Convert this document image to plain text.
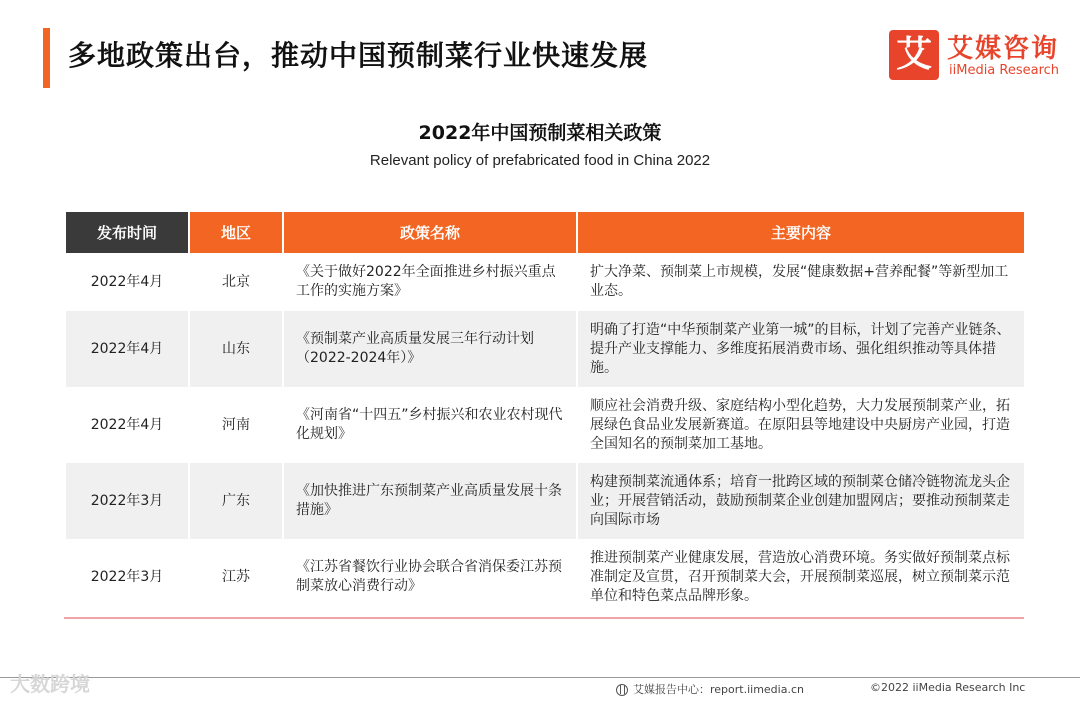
多地政策出台，推动中国预制菜行业快速发展	艾 艾媒咨询
iiMedia Research
2022年中国预制菜相关政策
Relevant policy of prefabricated food in China 2022
发布时间	地区	政策名称	主要内容
2022年4月	北京	《关于做好2022年全面推进乡村振兴重点工作的实施方案》	扩大净菜、预制菜上市规模，发展“健康数据+营养配餐”等新型加工业态。
2022年4月	山东	《预制菜产业高质量发展三年行动计划（2022-2024年）》	明确了打造“中华预制菜产业第一城”的目标，计划了完善产业链条、提升产业支撑能力、多维度拓展消费市场、强化组织推动等具体措施。
2022年4月	河南	《河南省“十四五”乡村振兴和农业农村现代化规划》	顺应社会消费升级、家庭结构小型化趋势，大力发展预制菜产业，拓展绿色食品业发展新赛道。在原阳县等地建设中央厨房产业园，打造全国知名的预制菜加工基地。
2022年3月	广东	《加快推进广东预制菜产业高质量发展十条措施》	构建预制菜流通体系；培育一批跨区域的预制菜仓储冷链物流龙头企业；开展营销活动，鼓励预制菜企业创建加盟网店；要推动预制菜走向国际市场
2022年3月	江苏	《江苏省餐饮行业协会联合省消保委江苏预制菜放心消费行动》	推进预制菜产业健康发展，营造放心消费环境。务实做好预制菜点标准制定及宣贯，召开预制菜大会，开展预制菜巡展，树立预制菜示范单位和特色菜点品牌形象。
大数跨境	艾媒报告中心：report.iimedia.cn	©2022 iiMedia Research Inc
